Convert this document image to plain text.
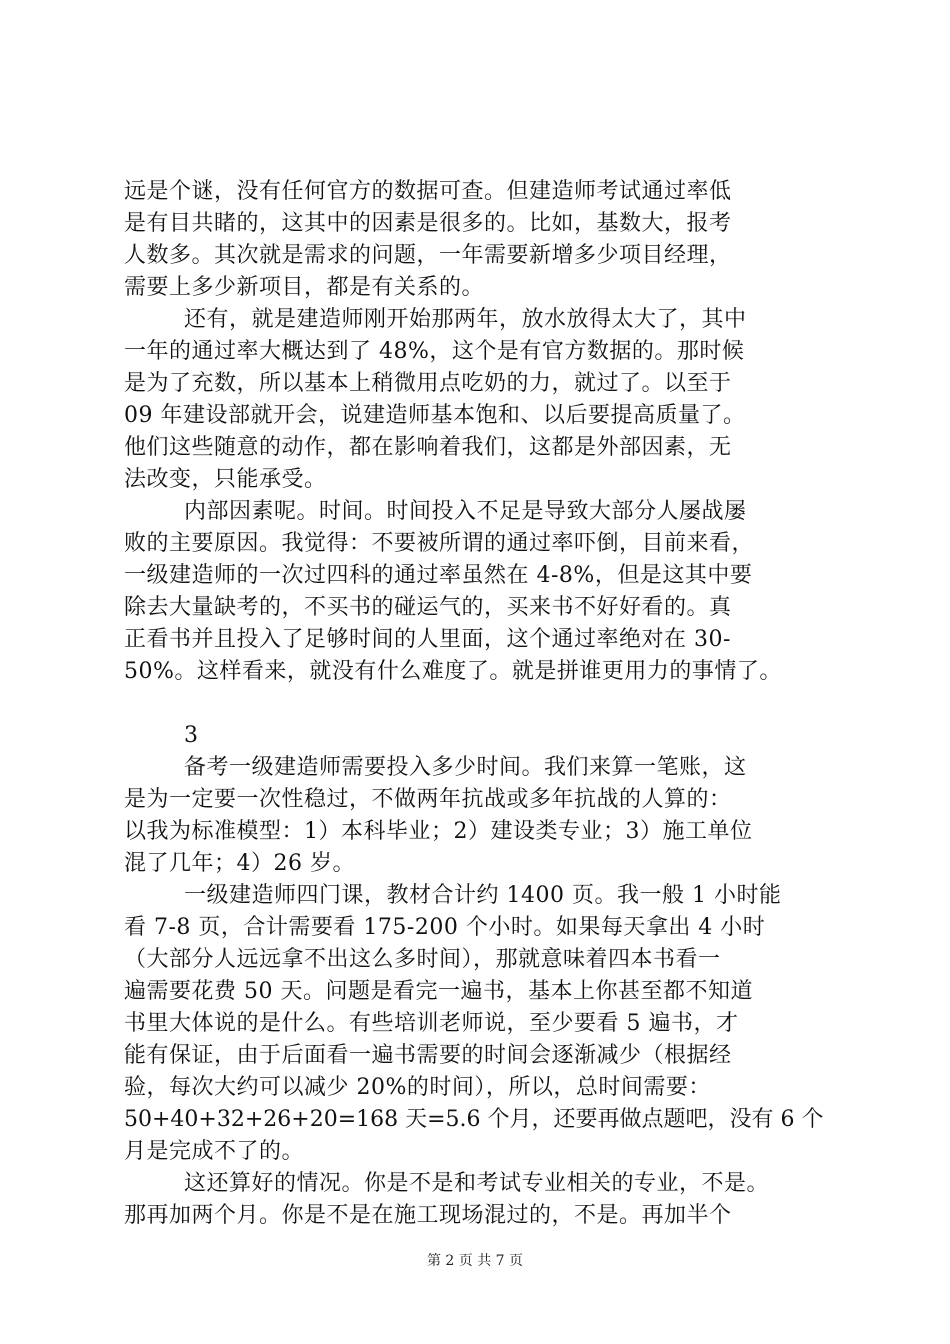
远是个谜，没有任何官方的数据可查。但建造师考试通过率低
是有目共睹的，这其中的因素是很多的。比如，基数大，报考
人数多。其次就是需求的问题，一年需要新增多少项目经理，
需要上多少新项目，都是有关系的。
还有，就是建造师刚开始那两年，放水放得太大了，其中
一年的通过率大概达到了 48%，这个是有官方数据的。那时候
是为了充数，所以基本上稍微用点吃奶的力，就过了。以至于
09 年建设部就开会，说建造师基本饱和、以后要提高质量了。
他们这些随意的动作，都在影响着我们，这都是外部因素，无
法改变，只能承受。
内部因素呢。时间。时间投入不足是导致大部分人屡战屡
败的主要原因。我觉得：不要被所谓的通过率吓倒，目前来看，
一级建造师的一次过四科的通过率虽然在 4-8%，但是这其中要
除去大量缺考的，不买书的碰运气的，买来书不好好看的。真
正看书并且投入了足够时间的人里面，这个通过率绝对在 30-
50%。这样看来，就没有什么难度了。就是拼谁更用力的事情了。
3
备考一级建造师需要投入多少时间。我们来算一笔账，这
是为一定要一次性稳过，不做两年抗战或多年抗战的人算的：
以我为标准模型：1）本科毕业；2）建设类专业；3）施工单位
混了几年；4）26 岁。
一级建造师四门课，教材合计约 1400 页。我一般 1 小时能
看 7-8 页，合计需要看 175-200 个小时。如果每天拿出 4 小时
（大部分人远远拿不出这么多时间），那就意味着四本书看一
遍需要花费 50 天。问题是看完一遍书，基本上你甚至都不知道
书里大体说的是什么。有些培训老师说，至少要看 5 遍书，才
能有保证，由于后面看一遍书需要的时间会逐渐减少（根据经
验，每次大约可以减少 20%的时间），所以，总时间需要：
50+40+32+26+20=168 天=5.6 个月，还要再做点题吧，没有 6 个
月是完成不了的。
这还算好的情况。你是不是和考试专业相关的专业，不是。
那再加两个月。你是不是在施工现场混过的，不是。再加半个
第 2 页 共 7 页
